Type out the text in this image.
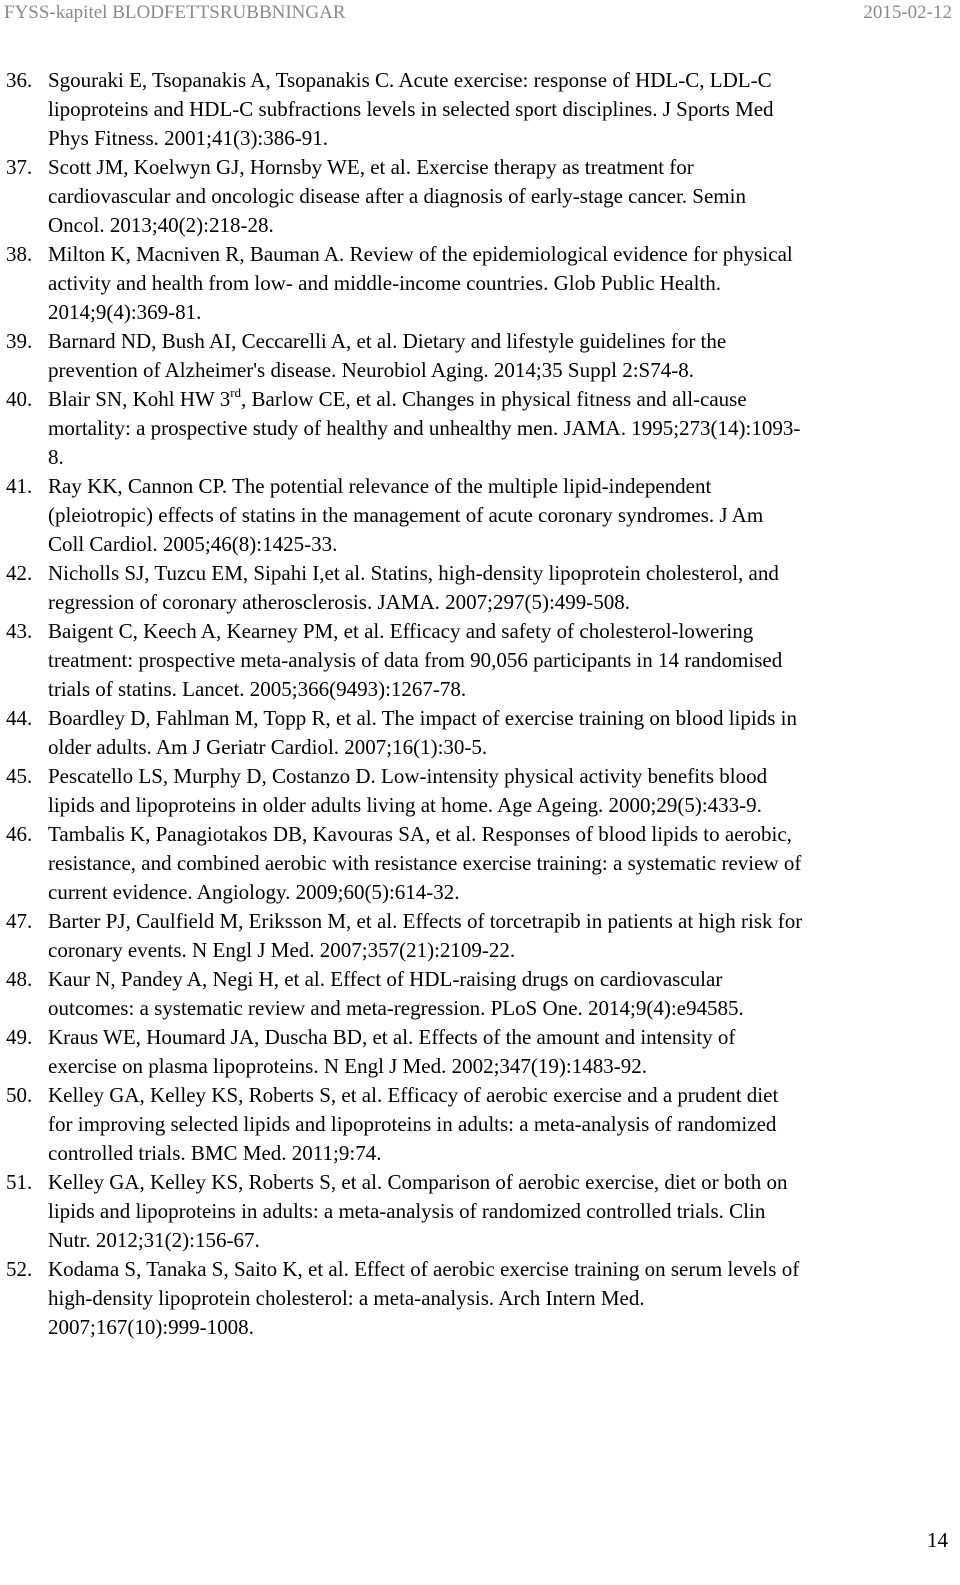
FYSS-kapitel BLODFETTSRUBBNINGAR	2015-02-12
36. Sgouraki E, Tsopanakis A, Tsopanakis C. Acute exercise: response of HDL-C, LDL-C
lipoproteins and HDL-C subfractions levels in selected sport disciplines. J Sports Med
Phys Fitness. 2001;41(3):386-91.
37. Scott JM, Koelwyn GJ, Hornsby WE, et al. Exercise therapy as treatment for
cardiovascular and oncologic disease after a diagnosis of early-stage cancer. Semin
Oncol. 2013;40(2):218-28.
38. Milton K, Macniven R, Bauman A. Review of the epidemiological evidence for physical
activity and health from low- and middle-income countries. Glob Public Health.
2014;9(4):369-81.
39. Barnard ND, Bush AI, Ceccarelli A, et al. Dietary and lifestyle guidelines for the
prevention of Alzheimer's disease. Neurobiol Aging. 2014;35 Suppl 2:S74-8.
40. Blair SN, Kohl HW 3rd, Barlow CE, et al. Changes in physical fitness and all-cause
mortality: a prospective study of healthy and unhealthy men. JAMA. 1995;273(14):1093-
8.
41. Ray KK, Cannon CP. The potential relevance of the multiple lipid-independent
(pleiotropic) effects of statins in the management of acute coronary syndromes. J Am
Coll Cardiol. 2005;46(8):1425-33.
42. Nicholls SJ, Tuzcu EM, Sipahi I,et al. Statins, high-density lipoprotein cholesterol, and
regression of coronary atherosclerosis. JAMA. 2007;297(5):499-508.
43. Baigent C, Keech A, Kearney PM, et al. Efficacy and safety of cholesterol-lowering
treatment: prospective meta-analysis of data from 90,056 participants in 14 randomised
trials of statins. Lancet. 2005;366(9493):1267-78.
44. Boardley D, Fahlman M, Topp R, et al. The impact of exercise training on blood lipids in
older adults. Am J Geriatr Cardiol. 2007;16(1):30-5.
45. Pescatello LS, Murphy D, Costanzo D. Low-intensity physical activity benefits blood
lipids and lipoproteins in older adults living at home. Age Ageing. 2000;29(5):433-9.
46. Tambalis K, Panagiotakos DB, Kavouras SA, et al. Responses of blood lipids to aerobic,
resistance, and combined aerobic with resistance exercise training: a systematic review of
current evidence. Angiology. 2009;60(5):614-32.
47. Barter PJ, Caulfield M, Eriksson M, et al. Effects of torcetrapib in patients at high risk for
coronary events. N Engl J Med. 2007;357(21):2109-22.
48. Kaur N, Pandey A, Negi H, et al. Effect of HDL-raising drugs on cardiovascular
outcomes: a systematic review and meta-regression. PLoS One. 2014;9(4):e94585.
49. Kraus WE, Houmard JA, Duscha BD, et al. Effects of the amount and intensity of
exercise on plasma lipoproteins. N Engl J Med. 2002;347(19):1483-92.
50. Kelley GA, Kelley KS, Roberts S, et al. Efficacy of aerobic exercise and a prudent diet
for improving selected lipids and lipoproteins in adults: a meta-analysis of randomized
controlled trials. BMC Med. 2011;9:74.
51. Kelley GA, Kelley KS, Roberts S, et al. Comparison of aerobic exercise, diet or both on
lipids and lipoproteins in adults: a meta-analysis of randomized controlled trials. Clin
Nutr. 2012;31(2):156-67.
52. Kodama S, Tanaka S, Saito K, et al. Effect of aerobic exercise training on serum levels of
high-density lipoprotein cholesterol: a meta-analysis. Arch Intern Med.
2007;167(10):999-1008.
14
